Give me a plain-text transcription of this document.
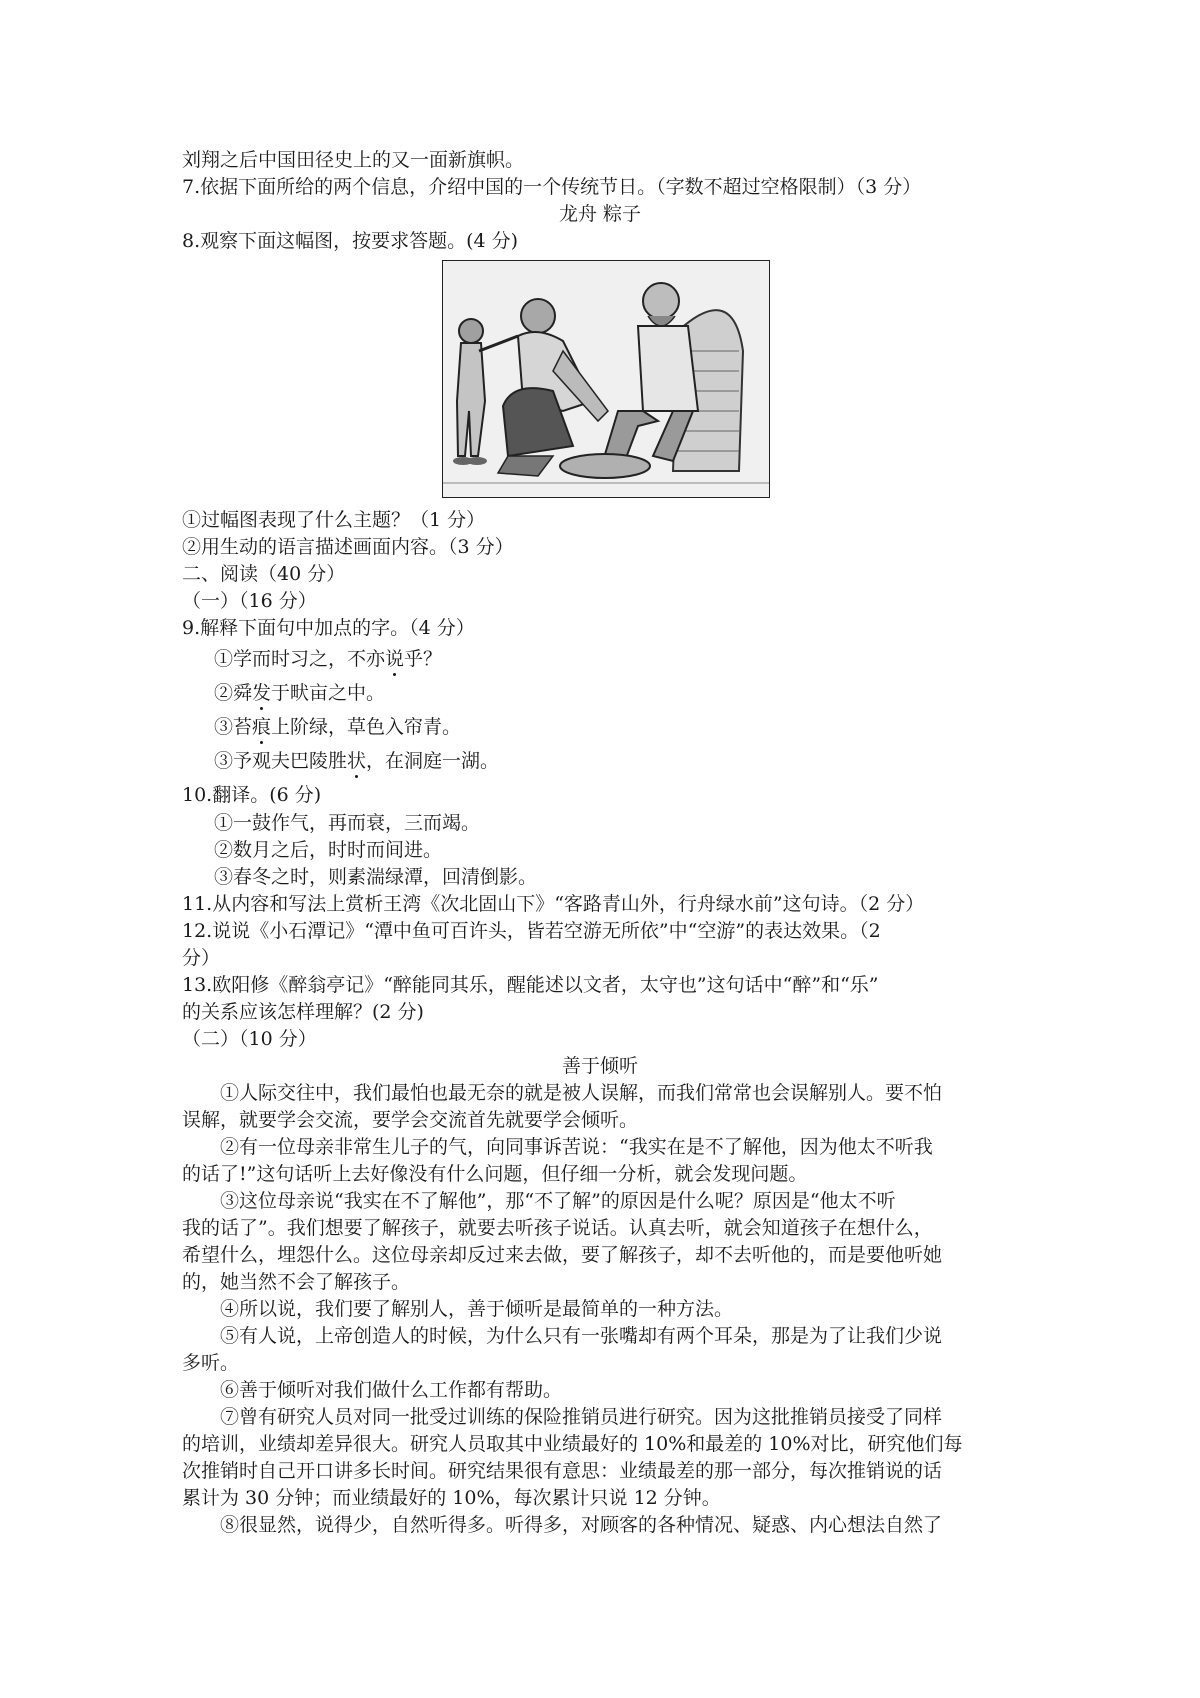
刘翔之后中国田径史上的又一面新旗帜。
7.依据下面所给的两个信息，介绍中国的一个传统节日。（字数不超过空格限制）（3 分）
龙舟 粽子
8.观察下面这幅图，按要求答题。(4 分)
①过幅图表现了什么主题？（1 分）
②用生动的语言描述画面内容。（3 分）
二、阅读（40 分）
（一）（16 分）
9.解释下面句中加点的字。（4 分）
①学而时习之，不亦说乎？
②舜发于畎亩之中。
③苔痕上阶绿，草色入帘青。
③予观夫巴陵胜状，在洞庭一湖。
10.翻译。(6 分)
①一鼓作气，再而衰，三而竭。
②数月之后，时时而间进。
③春冬之时，则素湍绿潭，回清倒影。
11.从内容和写法上赏析王湾《次北固山下》“客路青山外，行舟绿水前”这句诗。（2 分）
12.说说《小石潭记》“潭中鱼可百许头，皆若空游无所依”中“空游”的表达效果。（2
分）
13.欧阳修《醉翁亭记》“醉能同其乐，醒能述以文者，太守也”这句话中“醉”和“乐”
的关系应该怎样理解？(2 分)
（二）（10 分）
善于倾听
①人际交往中，我们最怕也最无奈的就是被人误解，而我们常常也会误解别人。要不怕
误解，就要学会交流，要学会交流首先就要学会倾听。
②有一位母亲非常生儿子的气，向同事诉苦说：“我实在是不了解他，因为他太不听我
的话了!”这句话听上去好像没有什么问题，但仔细一分析，就会发现问题。
③这位母亲说“我实在不了解他”，那“不了解”的原因是什么呢？原因是“他太不听
我的话了”。我们想要了解孩子，就要去听孩子说话。认真去听，就会知道孩子在想什么，
希望什么，埋怨什么。这位母亲却反过来去做，要了解孩子，却不去听他的，而是要他听她
的，她当然不会了解孩子。
④所以说，我们要了解别人，善于倾听是最简单的一种方法。
⑤有人说，上帝创造人的时候，为什么只有一张嘴却有两个耳朵，那是为了让我们少说
多听。
⑥善于倾听对我们做什么工作都有帮助。
⑦曾有研究人员对同一批受过训练的保险推销员进行研究。因为这批推销员接受了同样
的培训，业绩却差异很大。研究人员取其中业绩最好的 10%和最差的 10%对比，研究他们每
次推销时自己开口讲多长时间。研究结果很有意思：业绩最差的那一部分，每次推销说的话
累计为 30 分钟；而业绩最好的 10%，每次累计只说 12 分钟。
⑧很显然，说得少，自然听得多。听得多，对顾客的各种情况、疑惑、内心想法自然了
